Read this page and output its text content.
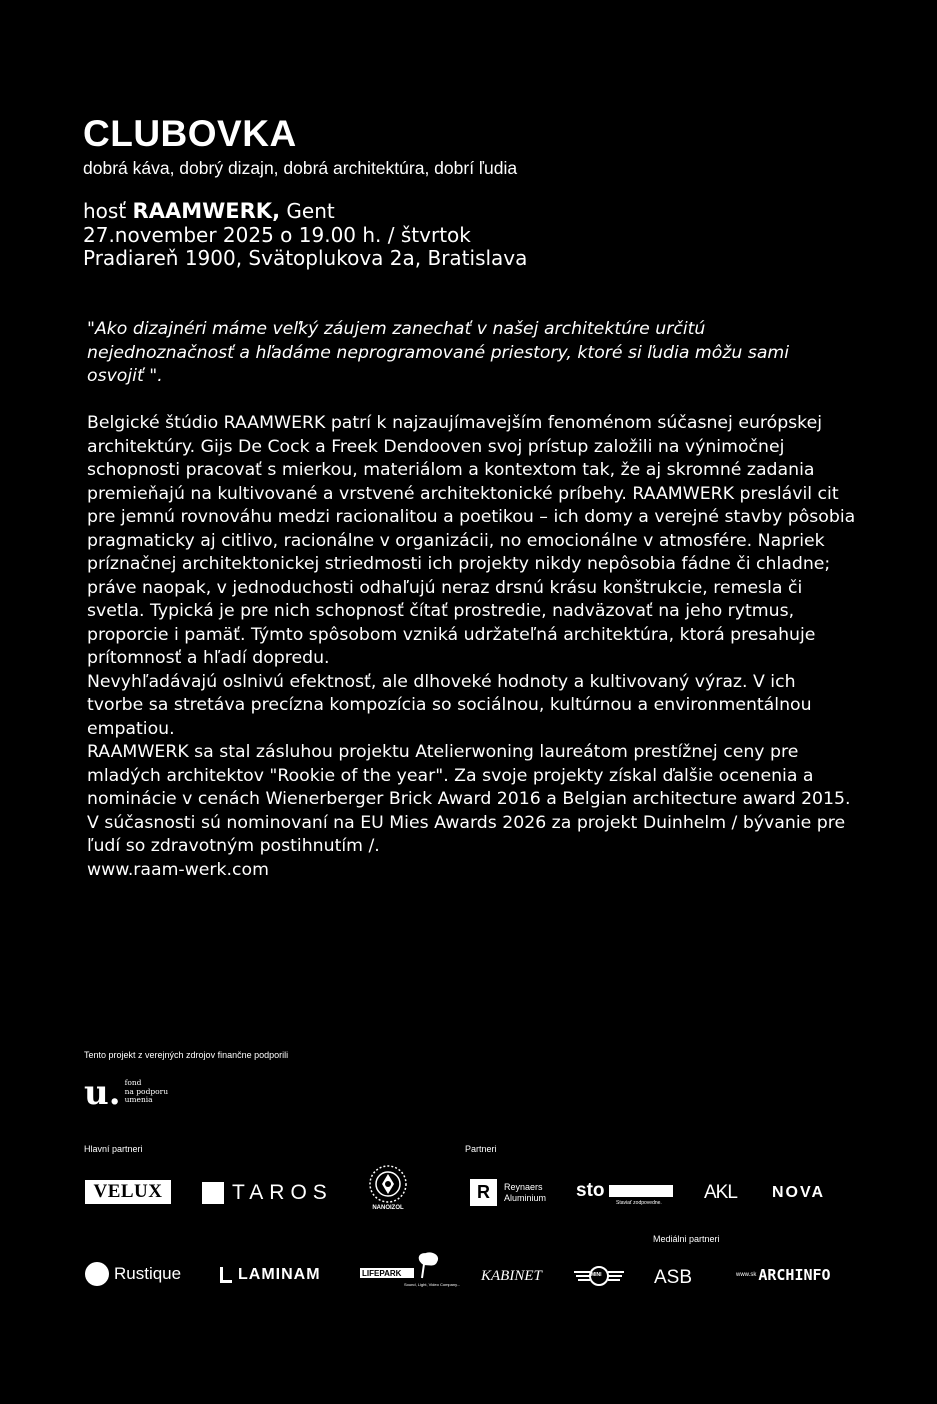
CLUBOVKA
dobrá káva, dobrý dizajn, dobrá architektúra, dobrí ľudia
hosť RAAMWERK, Gent
27.november 2025 o 19.00 h. / štvrtok
Pradiareň 1900, Svätoplukova 2a, Bratislava
"Ako dizajnéri máme veľký záujem zanechať v našej architektúre určitú nejednoznačnosť a hľadáme neprogramované priestory, ktoré si ľudia môžu sami osvojiť ".

Belgické štúdio RAAMWERK patrí k najzaujímavejším fenoménom súčasnej európskej architektúry. Gijs De Cock a Freek Dendooven svoj prístup založili na výnimočnej schopnosti pracovať s mierkou, materiálom a kontextom tak, že aj skromné zadania premieňajú na kultivované a vrstvené architektonické príbehy. RAAMWERK preslávil cit pre jemnú rovnováhu medzi racionalitou a poetikou – ich domy a verejné stavby pôsobia pragmaticky aj citlivo, racionálne v organizácii, no emocionálne v atmosfére. Napriek príznačnej architektonickej striedmosti ich projekty nikdy nepôsobia fádne či chladne; práve naopak, v jednoduchosti odhaľujú neraz drsnú krásu konštrukcie, remesla či svetla. Typická je pre nich schopnosť čítať prostredie, nadväzovať na jeho rytmus, proporcie i pamäť. Týmto spôsobom vzniká udržateľná architektúra, ktorá presahuje prítomnosť a hľadí dopredu.

Nevyhľadávajú oslnivú efektnosť, ale dlhoveké hodnoty a kultivovaný výraz. V ich tvorbe sa stretáva precízna kompozícia so sociálnou, kultúrnou a environmentálnou empatiou.

RAAMWERK sa stal zásluhou projektu Atelierwoning laureátom prestížnej ceny pre mladých architektov "Rookie of the year". Za svoje projekty získal ďalšie ocenenia a nominácie v cenách Wienerberger Brick Award 2016 a Belgian architecture award 2015. V súčasnosti sú nominovaní na EU Mies Awards 2026 za projekt Duinhelm / bývanie pre ľudí so zdravotným postihnutím /.

www.raam-werk.com

Tento projekt z verejných zdrojov finančne podporili
u. fond
na podporu
umenia
Hlavní partneri	Partneri
Mediálni partneri
VELUX	TAROS
NANOIZOL
R	Reynaers
Aluminium sto
Staviať zodpovedne. AKL NOVA
Rustique	LAMINAM	LIFEPARK
Sound, Light, Video Company...
KABINET	MINI	ASB	www.sk ARCHINFO
